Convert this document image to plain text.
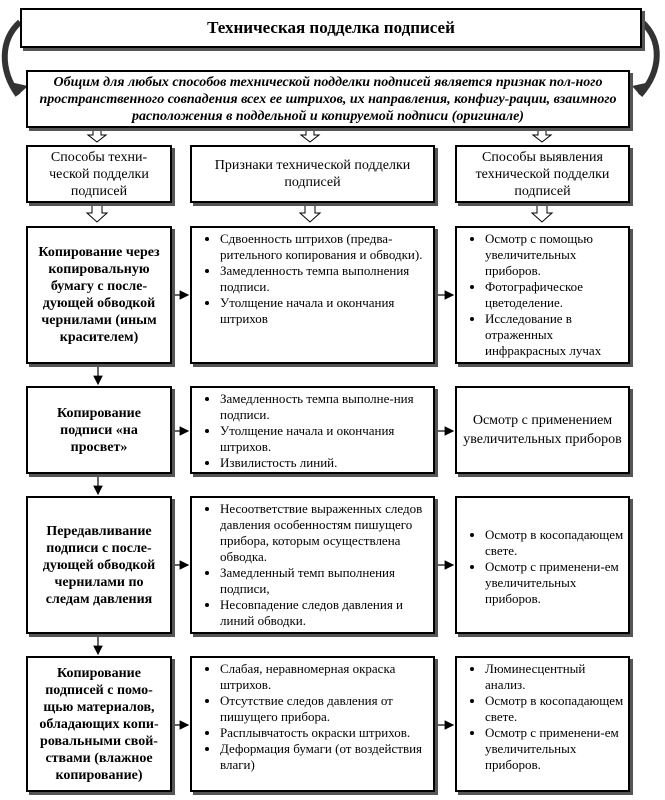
Техническая подделка подписей
Общим для любых способов технической подделки подписей является признак пол-ного пространственного совпадения всех ее штрихов, их направления, конфигу-рации, взаимного расположения в поддельной и копируемой подписи (оригинале)
Способы техни-ческой подделки подписей
Признаки технической подделки подписей
Способы выявления технической подделки подписей
Копирование через копировальную бумагу с после-дующей обводкой чернилами (иным красителем)
• Сдвоенность штрихов (предва-рительного копирования и обводки).
• Замедленность темпа выполнения подписи.
• Утолщение начала и окончания штрихов
• Осмотр с помощью увеличительных приборов.
• Фотографическое цветоделение.
• Исследование в отраженных инфракрасных лучах
Копирование подписи «на просвет»
• Замедленность темпа выполне-ния подписи.
• Утолщение начала и окончания штрихов.
• Извилистость линий.
Осмотр с применением увеличительных приборов
Передавливание подписи с после-дующей обводкой чернилами по следам давления
• Несоответствие выраженных следов давления особенностям пишущего прибора, которым осуществлена обводка.
• Замедленный темп выполнения подписи,
• Несовпадение следов давления и линий обводки.
• Осмотр в косопадающем свете.
• Осмотр с применени-ем увеличительных приборов.
Копирование подписей с помо-щью материалов, обладающих копи-ровальными свой-ствами (влажное копирование)
• Слабая, неравномерная окраска штрихов.
• Отсутствие следов давления от пишущего прибора.
• Расплывчатость окраски штрихов.
• Деформация бумаги (от воздействия влаги)
• Люминесцентный анализ.
• Осмотр в косопадающем свете.
• Осмотр с применени-ем увеличительных приборов.
